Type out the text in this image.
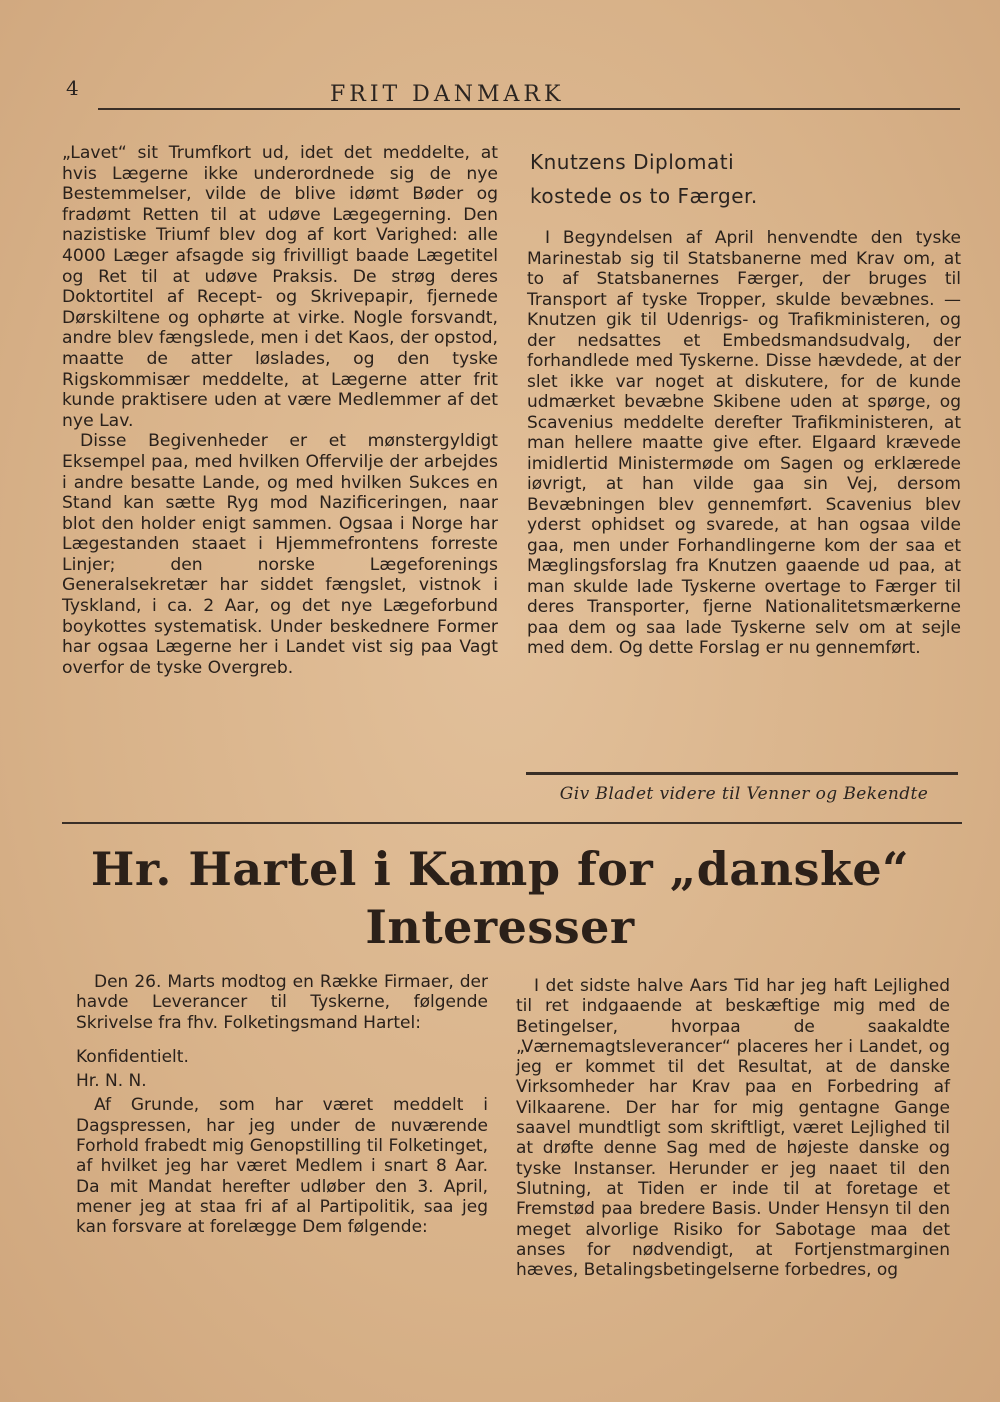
4	FRIT DANMARK

„Lavet“ sit Trumfkort ud, idet det meddelte, at hvis Lægerne ikke underordnede sig de nye Bestemmelser, vilde de blive idømt Bøder og fradømt Retten til at udøve Lægegerning. Den nazistiske Triumf blev dog af kort Varighed: alle 4000 Læger afsagde sig frivilligt baade Lægetitel og Ret til at udøve Praksis. De strøg deres Doktortitel af Recept- og Skrivepapir, fjernede Dørskiltene og ophørte at virke. Nogle forsvandt, andre blev fængslede, men i det Kaos, der opstod, maatte de atter løslades, og den tyske Rigskommisær meddelte, at Lægerne atter frit kunde praktisere uden at være Medlemmer af det nye Lav.

Disse Begivenheder er et mønstergyldigt Eksempel paa, med hvilken Offervilje der arbejdes i andre besatte Lande, og med hvilken Sukces en Stand kan sætte Ryg mod Nazificeringen, naar blot den holder enigt sammen. Ogsaa i Norge har Lægestanden staaet i Hjemmefrontens forreste Linjer; den norske Lægeforenings Generalsekretær har siddet fængslet, vistnok i Tyskland, i ca. 2 Aar, og det nye Lægeforbund boykottes systematisk. Under beskednere Former har ogsaa Lægerne her i Landet vist sig paa Vagt overfor de tyske Overgreb.

Knutzens Diplomati
kostede os to Færger.

I Begyndelsen af April henvendte den tyske Marinestab sig til Statsbanerne med Krav om, at to af Statsbanernes Færger, der bruges til Transport af tyske Tropper, skulde bevæbnes. — Knutzen gik til Udenrigs- og Trafikministeren, og der nedsattes et Embedsmandsudvalg, der forhandlede med Tyskerne. Disse hævdede, at der slet ikke var noget at diskutere, for de kunde udmærket bevæbne Skibene uden at spørge, og Scavenius meddelte derefter Trafikministeren, at man hellere maatte give efter. Elgaard krævede imidlertid Ministermøde om Sagen og erklærede iøvrigt, at han vilde gaa sin Vej, dersom Bevæbningen blev gennemført. Scavenius blev yderst ophidset og svarede, at han ogsaa vilde gaa, men under Forhandlingerne kom der saa et Mæglingsforslag fra Knutzen gaaende ud paa, at man skulde lade Tyskerne overtage to Færger til deres Transporter, fjerne Nationalitetsmærkerne paa dem og saa lade Tyskerne selv om at sejle med dem. Og dette Forslag er nu gennemført.

Giv Bladet videre til Venner og Bekendte
Hr. Hartel i Kamp for „danske“
Interesser

Den 26. Marts modtog en Række Firmaer, der havde Leverancer til Tyskerne, følgende Skrivelse fra fhv. Folketingsmand Hartel:

Konfidentielt.

Hr. N. N.

Af Grunde, som har været meddelt i Dagspressen, har jeg under de nuværende Forhold frabedt mig Genopstilling til Folketinget, af hvilket jeg har været Medlem i snart 8 Aar. Da mit Mandat herefter udløber den 3. April, mener jeg at staa fri af al Partipolitik, saa jeg kan forsvare at forelægge Dem følgende:

I det sidste halve Aars Tid har jeg haft Lejlighed til ret indgaaende at beskæftige mig med de Betingelser, hvorpaa de saakaldte „Værnemagtsleverancer“ placeres her i Landet, og jeg er kommet til det Resultat, at de danske Virksomheder har Krav paa en Forbedring af Vilkaarene. Der har for mig gentagne Gange saavel mundtligt som skriftligt, været Lejlighed til at drøfte denne Sag med de højeste danske og tyske Instanser. Herunder er jeg naaet til den Slutning, at Tiden er inde til at foretage et Fremstød paa bredere Basis. Under Hensyn til den meget alvorlige Risiko for Sabotage maa det anses for nødvendigt, at Fortjenstmarginen hæves, Betalingsbetingelserne forbedres, og
